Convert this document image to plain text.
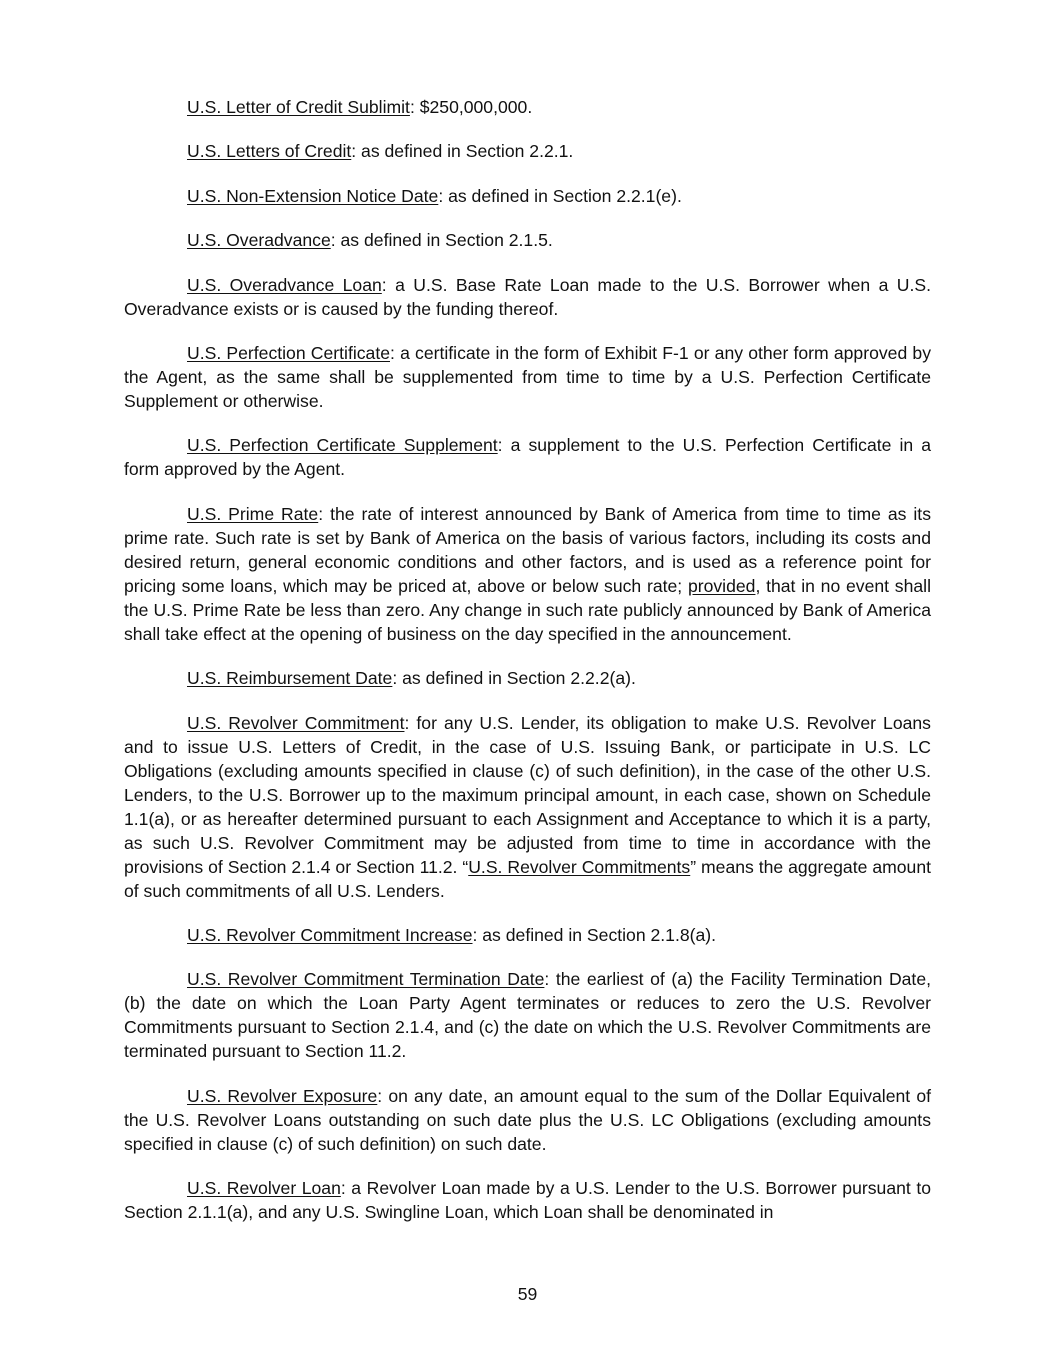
U.S. Letter of Credit Sublimit: $250,000,000.

U.S. Letters of Credit: as defined in Section 2.2.1.

U.S. Non-Extension Notice Date: as defined in Section 2.2.1(e).

U.S. Overadvance: as defined in Section 2.1.5.

U.S. Overadvance Loan: a U.S. Base Rate Loan made to the U.S. Borrower when a U.S. Overadvance exists or is caused by the funding thereof.

U.S. Perfection Certificate: a certificate in the form of Exhibit F-1 or any other form approved by the Agent, as the same shall be supplemented from time to time by a U.S. Perfection Certificate Supplement or otherwise.

U.S. Perfection Certificate Supplement: a supplement to the U.S. Perfection Certificate in a form approved by the Agent.

U.S. Prime Rate: the rate of interest announced by Bank of America from time to time as its prime rate. Such rate is set by Bank of America on the basis of various factors, including its costs and desired return, general economic conditions and other factors, and is used as a reference point for pricing some loans, which may be priced at, above or below such rate; provided, that in no event shall the U.S. Prime Rate be less than zero. Any change in such rate publicly announced by Bank of America shall take effect at the opening of business on the day specified in the announcement.

U.S. Reimbursement Date: as defined in Section 2.2.2(a).

U.S. Revolver Commitment: for any U.S. Lender, its obligation to make U.S. Revolver Loans and to issue U.S. Letters of Credit, in the case of U.S. Issuing Bank, or participate in U.S. LC Obligations (excluding amounts specified in clause (c) of such definition), in the case of the other U.S. Lenders, to the U.S. Borrower up to the maximum principal amount, in each case, shown on Schedule 1.1(a), or as hereafter determined pursuant to each Assignment and Acceptance to which it is a party, as such U.S. Revolver Commitment may be adjusted from time to time in accordance with the provisions of Section 2.1.4 or Section 11.2. “U.S. Revolver Commitments” means the aggregate amount of such commitments of all U.S. Lenders.

U.S. Revolver Commitment Increase: as defined in Section 2.1.8(a).

U.S. Revolver Commitment Termination Date: the earliest of (a) the Facility Termination Date, (b) the date on which the Loan Party Agent terminates or reduces to zero the U.S. Revolver Commitments pursuant to Section 2.1.4, and (c) the date on which the U.S. Revolver Commitments are terminated pursuant to Section 11.2.

U.S. Revolver Exposure: on any date, an amount equal to the sum of the Dollar Equivalent of the U.S. Revolver Loans outstanding on such date plus the U.S. LC Obligations (excluding amounts specified in clause (c) of such definition) on such date.

U.S. Revolver Loan: a Revolver Loan made by a U.S. Lender to the U.S. Borrower pursuant to Section 2.1.1(a), and any U.S. Swingline Loan, which Loan shall be denominated in

59
